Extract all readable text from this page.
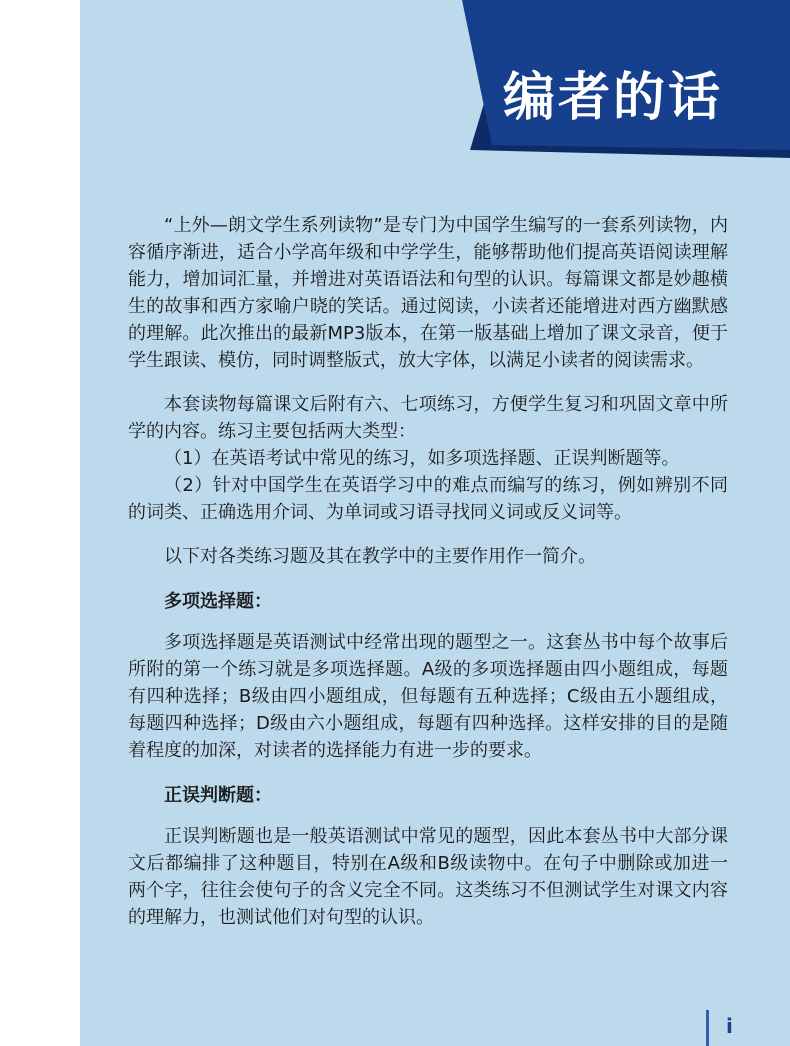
编者的话

“上外—朗文学生系列读物”是专门为中国学生编写的一套系列读物，内容循序渐进，适合小学高年级和中学学生，能够帮助他们提高英语阅读理解能力，增加词汇量，并增进对英语语法和句型的认识。每篇课文都是妙趣横生的故事和西方家喻户晓的笑话。通过阅读，小读者还能增进对西方幽默感的理解。此次推出的最新MP3版本，在第一版基础上增加了课文录音，便于学生跟读、模仿，同时调整版式，放大字体，以满足小读者的阅读需求。

本套读物每篇课文后附有六、七项练习，方便学生复习和巩固文章中所学的内容。练习主要包括两大类型：

（1）在英语考试中常见的练习，如多项选择题、正误判断题等。

（2）针对中国学生在英语学习中的难点而编写的练习，例如辨别不同的词类、正确选用介词、为单词或习语寻找同义词或反义词等。

以下对各类练习题及其在教学中的主要作用作一简介。

多项选择题：

多项选择题是英语测试中经常出现的题型之一。这套丛书中每个故事后所附的第一个练习就是多项选择题。A级的多项选择题由四小题组成，每题有四种选择；B级由四小题组成，但每题有五种选择；C级由五小题组成，每题四种选择；D级由六小题组成，每题有四种选择。这样安排的目的是随着程度的加深，对读者的选择能力有进一步的要求。

正误判断题：

正误判断题也是一般英语测试中常见的题型，因此本套丛书中大部分课文后都编排了这种题目，特别在A级和B级读物中。在句子中删除或加进一两个字，往往会使句子的含义完全不同。这类练习不但测试学生对课文内容的理解力，也测试他们对句型的认识。

i
